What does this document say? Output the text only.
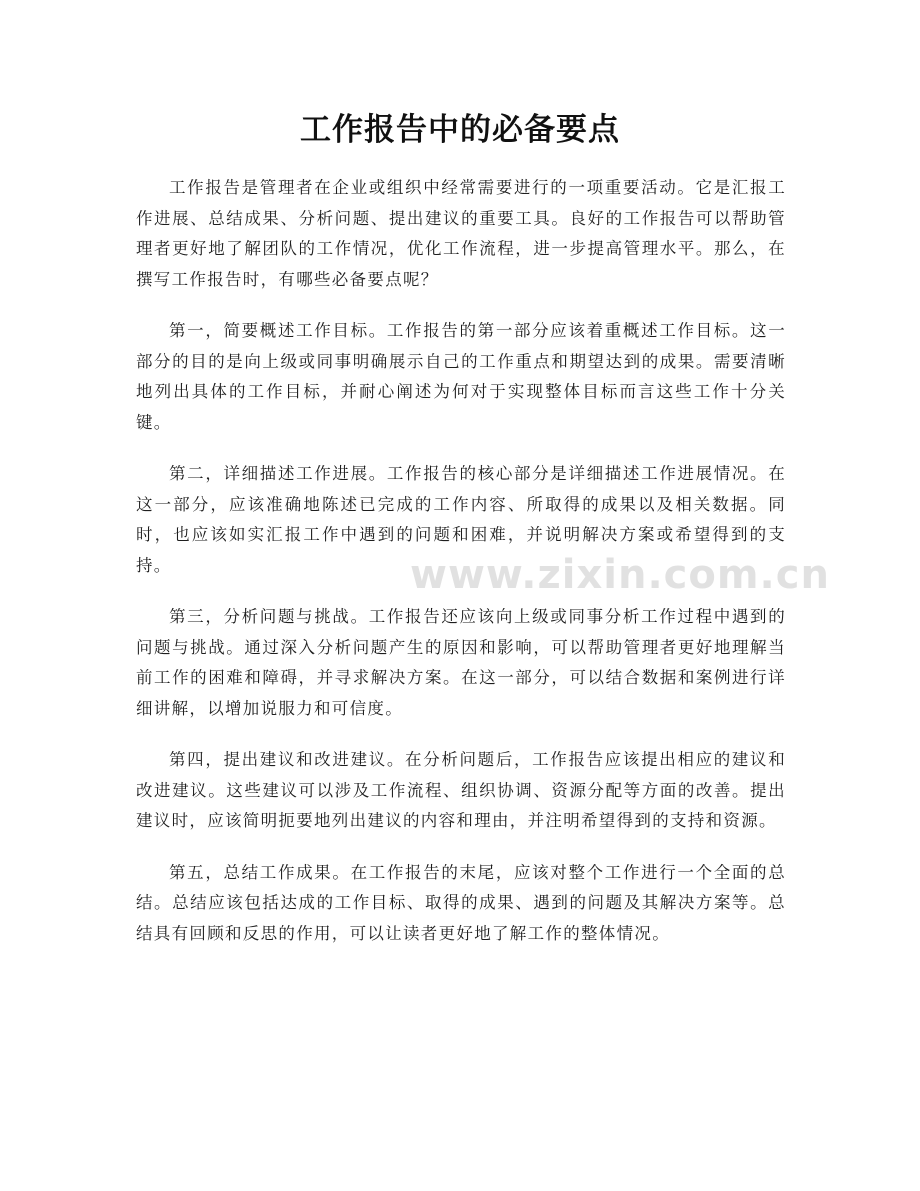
工作报告中的必备要点

工作报告是管理者在企业或组织中经常需要进行的一项重要活动。它是汇报工作进展、总结成果、分析问题、提出建议的重要工具。良好的工作报告可以帮助管理者更好地了解团队的工作情况，优化工作流程，进一步提高管理水平。那么，在撰写工作报告时，有哪些必备要点呢？

第一，简要概述工作目标。工作报告的第一部分应该着重概述工作目标。这一部分的目的是向上级或同事明确展示自己的工作重点和期望达到的成果。需要清晰地列出具体的工作目标，并耐心阐述为何对于实现整体目标而言这些工作十分关键。

第二，详细描述工作进展。工作报告的核心部分是详细描述工作进展情况。在这一部分，应该准确地陈述已完成的工作内容、所取得的成果以及相关数据。同时，也应该如实汇报工作中遇到的问题和困难，并说明解决方案或希望得到的支持。

第三，分析问题与挑战。工作报告还应该向上级或同事分析工作过程中遇到的问题与挑战。通过深入分析问题产生的原因和影响，可以帮助管理者更好地理解当前工作的困难和障碍，并寻求解决方案。在这一部分，可以结合数据和案例进行详细讲解，以增加说服力和可信度。

第四，提出建议和改进建议。在分析问题后，工作报告应该提出相应的建议和改进建议。这些建议可以涉及工作流程、组织协调、资源分配等方面的改善。提出建议时，应该简明扼要地列出建议的内容和理由，并注明希望得到的支持和资源。

第五，总结工作成果。在工作报告的末尾，应该对整个工作进行一个全面的总结。总结应该包括达成的工作目标、取得的成果、遇到的问题及其解决方案等。总结具有回顾和反思的作用，可以让读者更好地了解工作的整体情况。

www.zixin.com.cn
